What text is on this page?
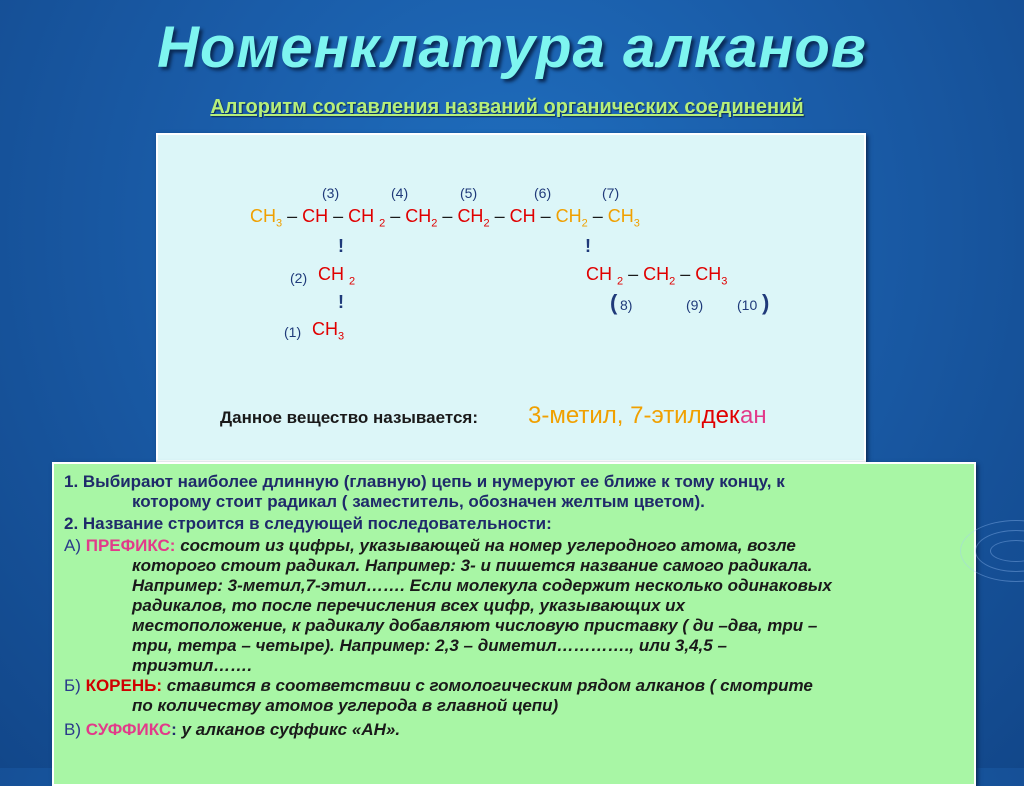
Номенклатура алканов
Алгоритм составления названий органических соединений
(3)	(4)	(5)	(6)	(7)
$CH_3$ – CH – CH $_2 - CH_2 - CH_2$ – CH – $CH_2 - CH_3$
!	!
(2) CH $_2$
!
(1) $CH_3$
CH $_2 - CH_2 - CH_3$
( 8)	(9) (10 )
Данное вещество называется: 3-метил, 7-этилдекан
1. Выбирают наиболее длинную (главную) цепь и нумеруют ее ближе к тому концу, к
которому стоит радикал ( заместитель, обозначен желтым цветом).
2. Название строится в следующей последовательности:
А) ПРЕФИКС: состоит из цифры, указывающей на номер углеродного атома, возле
которого стоит радикал. Например: 3- и пишется название самого радикала.
Например: 3-метил,7-этил……. Если молекула содержит несколько одинаковых
радикалов, то после перечисления всех цифр, указывающих их
местоположение, к радикалу добавляют числовую приставку ( ди –два, три –
три, тетра – четыре). Например: 2,3 – диметил…………., или 3,4,5 –
триэтил…….
Б) КОРЕНЬ: ставится в соответствии с гомологическим рядом алканов ( смотрите
по количеству атомов углерода в главной цепи)
В) СУФФИКС: у алканов суффикс «АН».
